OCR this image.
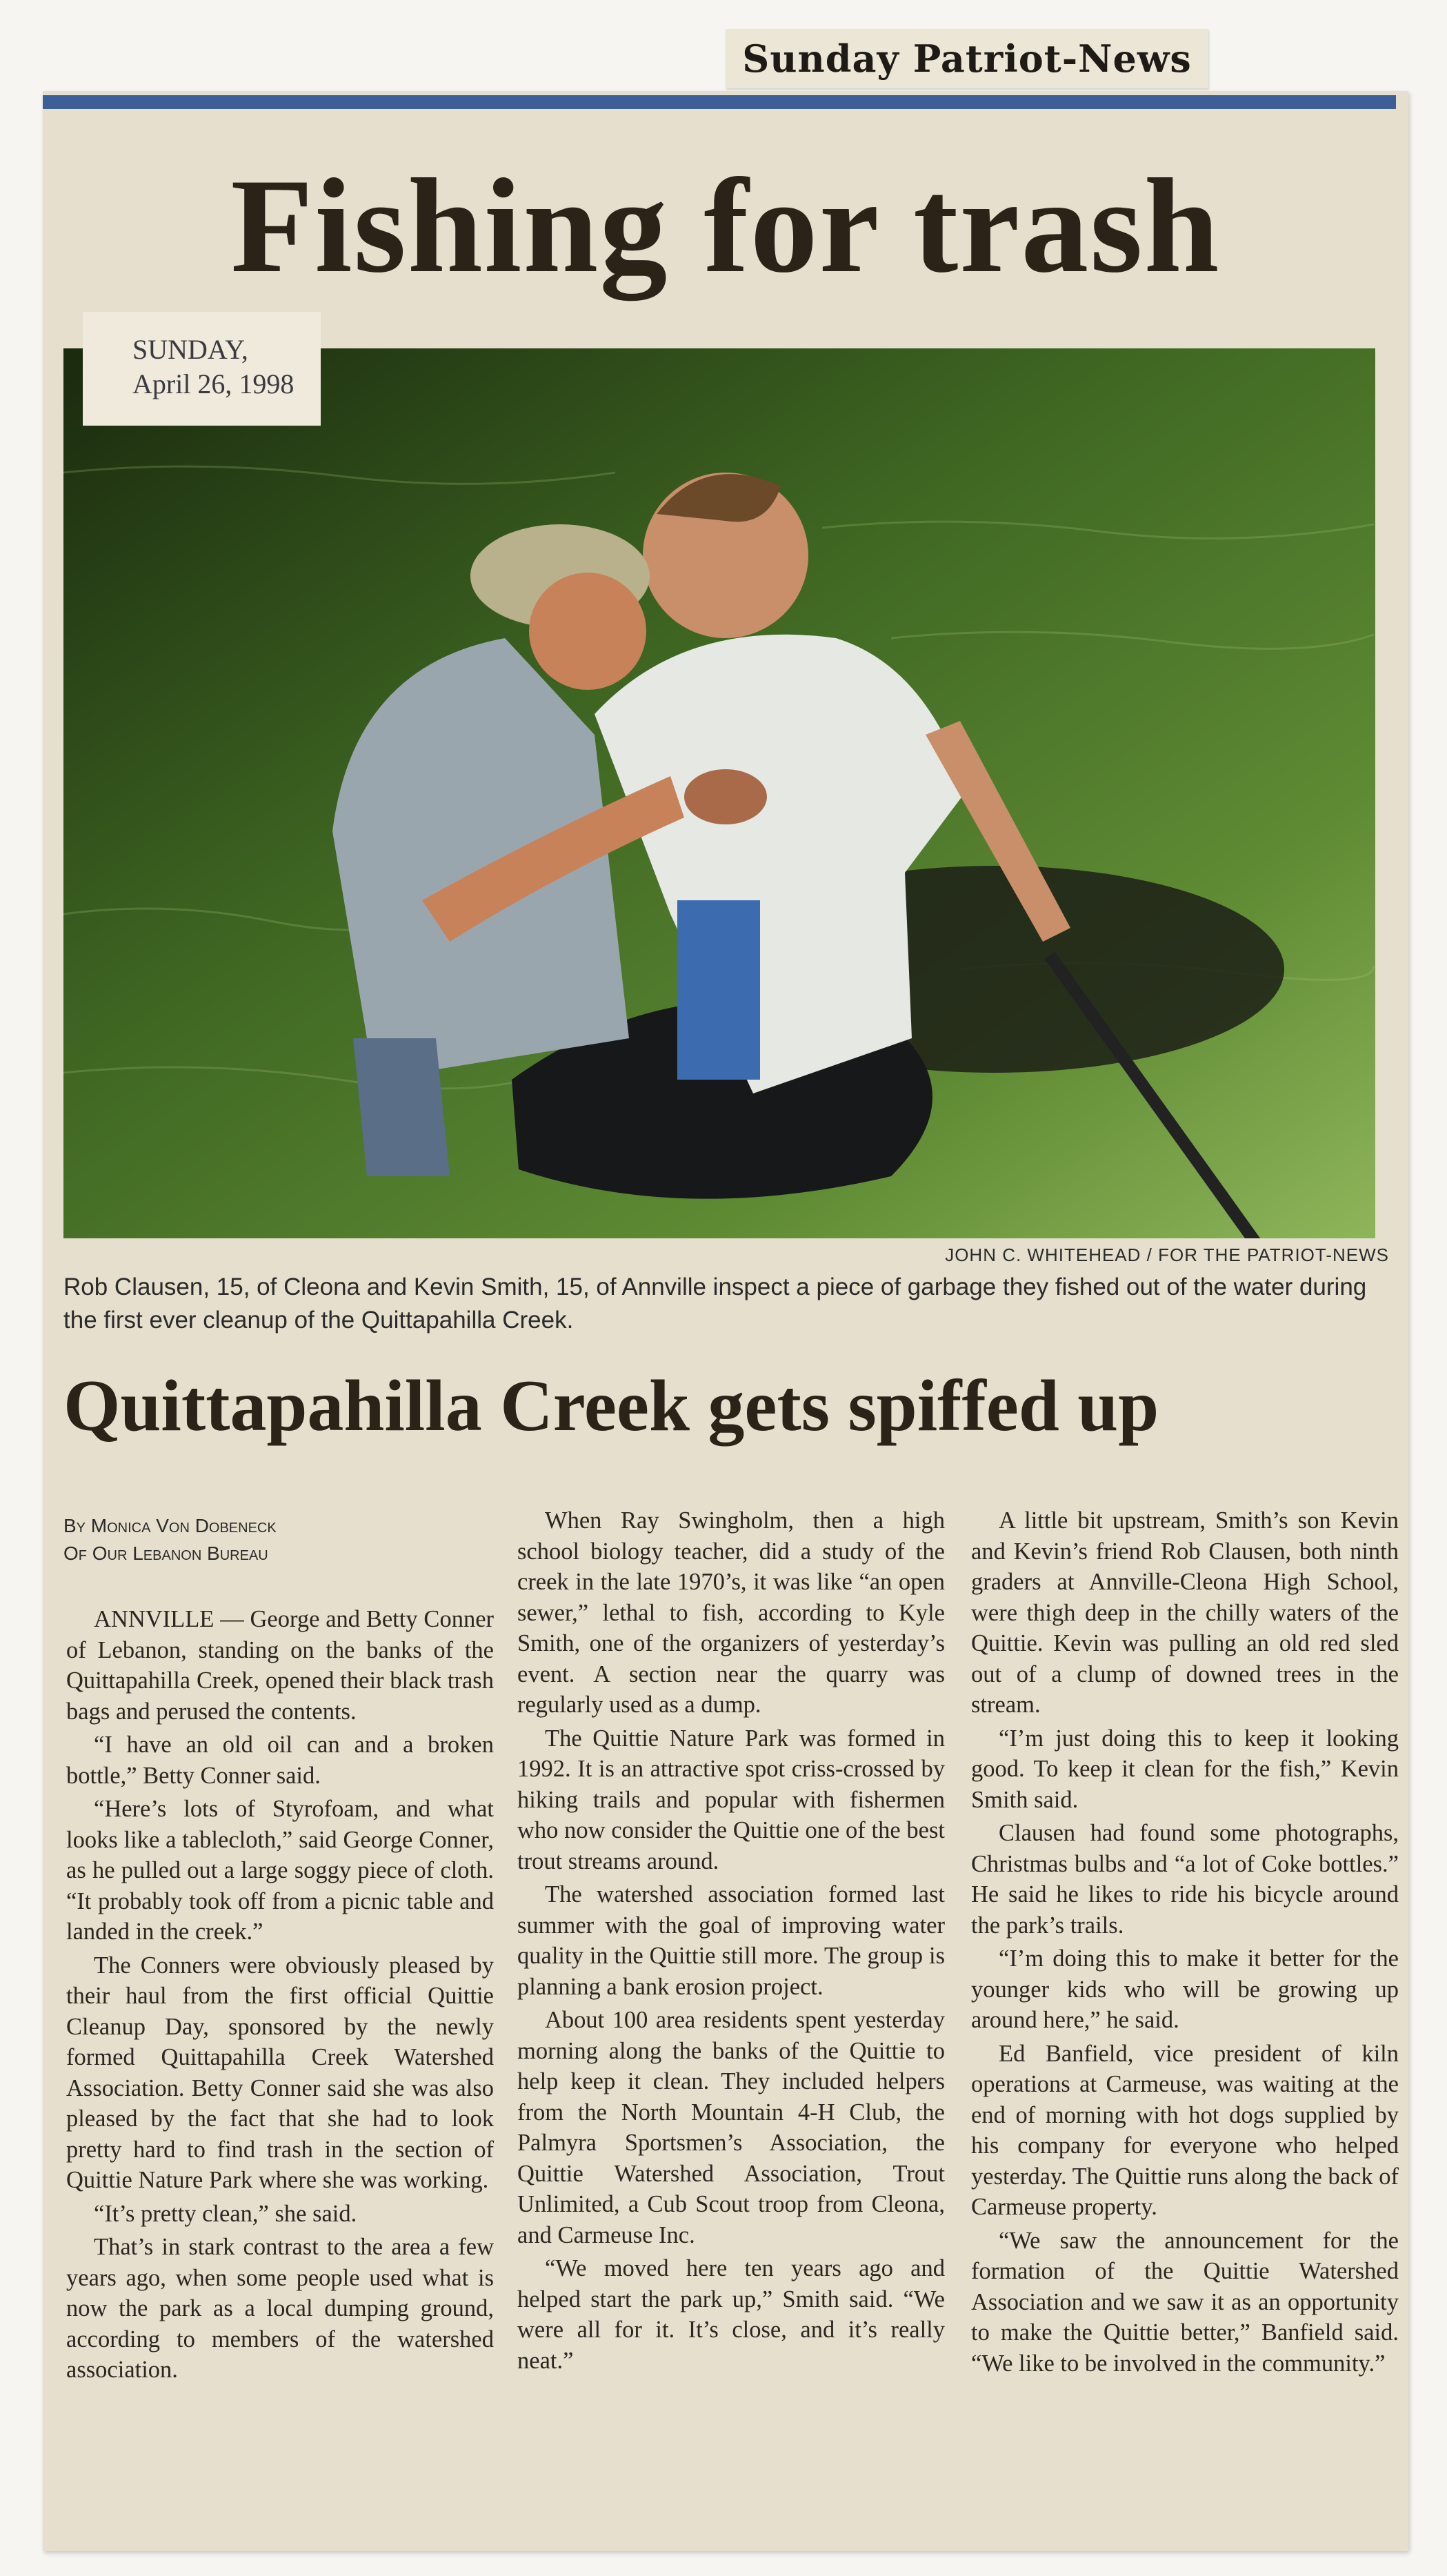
Sunday Patriot-News
Fishing for trash
SUNDAY,
April 26, 1998
JOHN C. WHITEHEAD / FOR THE PATRIOT-NEWS
Rob Clausen, 15, of Cleona and Kevin Smith, 15, of Annville inspect a piece of garbage they fished out of the water during the first ever cleanup of the Quittapahilla Creek.
Quittapahilla Creek gets spiffed up
By Monica Von Dobeneck
Of Our Lebanon Bureau

ANNVILLE — George and Betty Conner of Lebanon, standing on the banks of the Quittapahilla Creek, opened their black trash bags and perused the contents.

“I have an old oil can and a broken bottle,” Betty Conner said.

“Here’s lots of Styrofoam, and what looks like a tablecloth,” said George Conner, as he pulled out a large soggy piece of cloth. “It probably took off from a picnic table and landed in the creek.”

The Conners were obviously pleased by their haul from the first official Quittie Cleanup Day, sponsored by the newly formed Quittapahilla Creek Watershed Association. Betty Conner said she was also pleased by the fact that she had to look pretty hard to find trash in the section of Quittie Nature Park where she was working.

“It’s pretty clean,” she said.

That’s in stark contrast to the area a few years ago, when some people used what is now the park as a local dumping ground, according to members of the watershed association.

When Ray Swingholm, then a high school biology teacher, did a study of the creek in the late 1970’s, it was like “an open sewer,” lethal to fish, according to Kyle Smith, one of the organizers of yesterday’s event. A section near the quarry was regularly used as a dump.

The Quittie Nature Park was formed in 1992. It is an attractive spot criss-crossed by hiking trails and popular with fishermen who now consider the Quittie one of the best trout streams around.

The watershed association formed last summer with the goal of improving water quality in the Quittie still more. The group is planning a bank erosion project.

About 100 area residents spent yesterday morning along the banks of the Quittie to help keep it clean. They included helpers from the North Mountain 4-H Club, the Palmyra Sportsmen’s Association, the Quittie Watershed Association, Trout Unlimited, a Cub Scout troop from Cleona, and Carmeuse Inc.

“We moved here ten years ago and helped start the park up,” Smith said. “We were all for it. It’s close, and it’s really neat.”

A little bit upstream, Smith’s son Kevin and Kevin’s friend Rob Clausen, both ninth graders at Annville-Cleona High School, were thigh deep in the chilly waters of the Quittie. Kevin was pulling an old red sled out of a clump of downed trees in the stream.

“I’m just doing this to keep it looking good. To keep it clean for the fish,” Kevin Smith said.

Clausen had found some photographs, Christmas bulbs and “a lot of Coke bottles.” He said he likes to ride his bicycle around the park’s trails.

“I’m doing this to make it better for the younger kids who will be growing up around here,” he said.

Ed Banfield, vice president of kiln operations at Carmeuse, was waiting at the end of morning with hot dogs supplied by his company for everyone who helped yesterday. The Quittie runs along the back of Carmeuse property.

“We saw the announcement for the formation of the Quittie Watershed Association and we saw it as an opportunity to make the Quittie better,” Banfield said. “We like to be involved in the community.”
